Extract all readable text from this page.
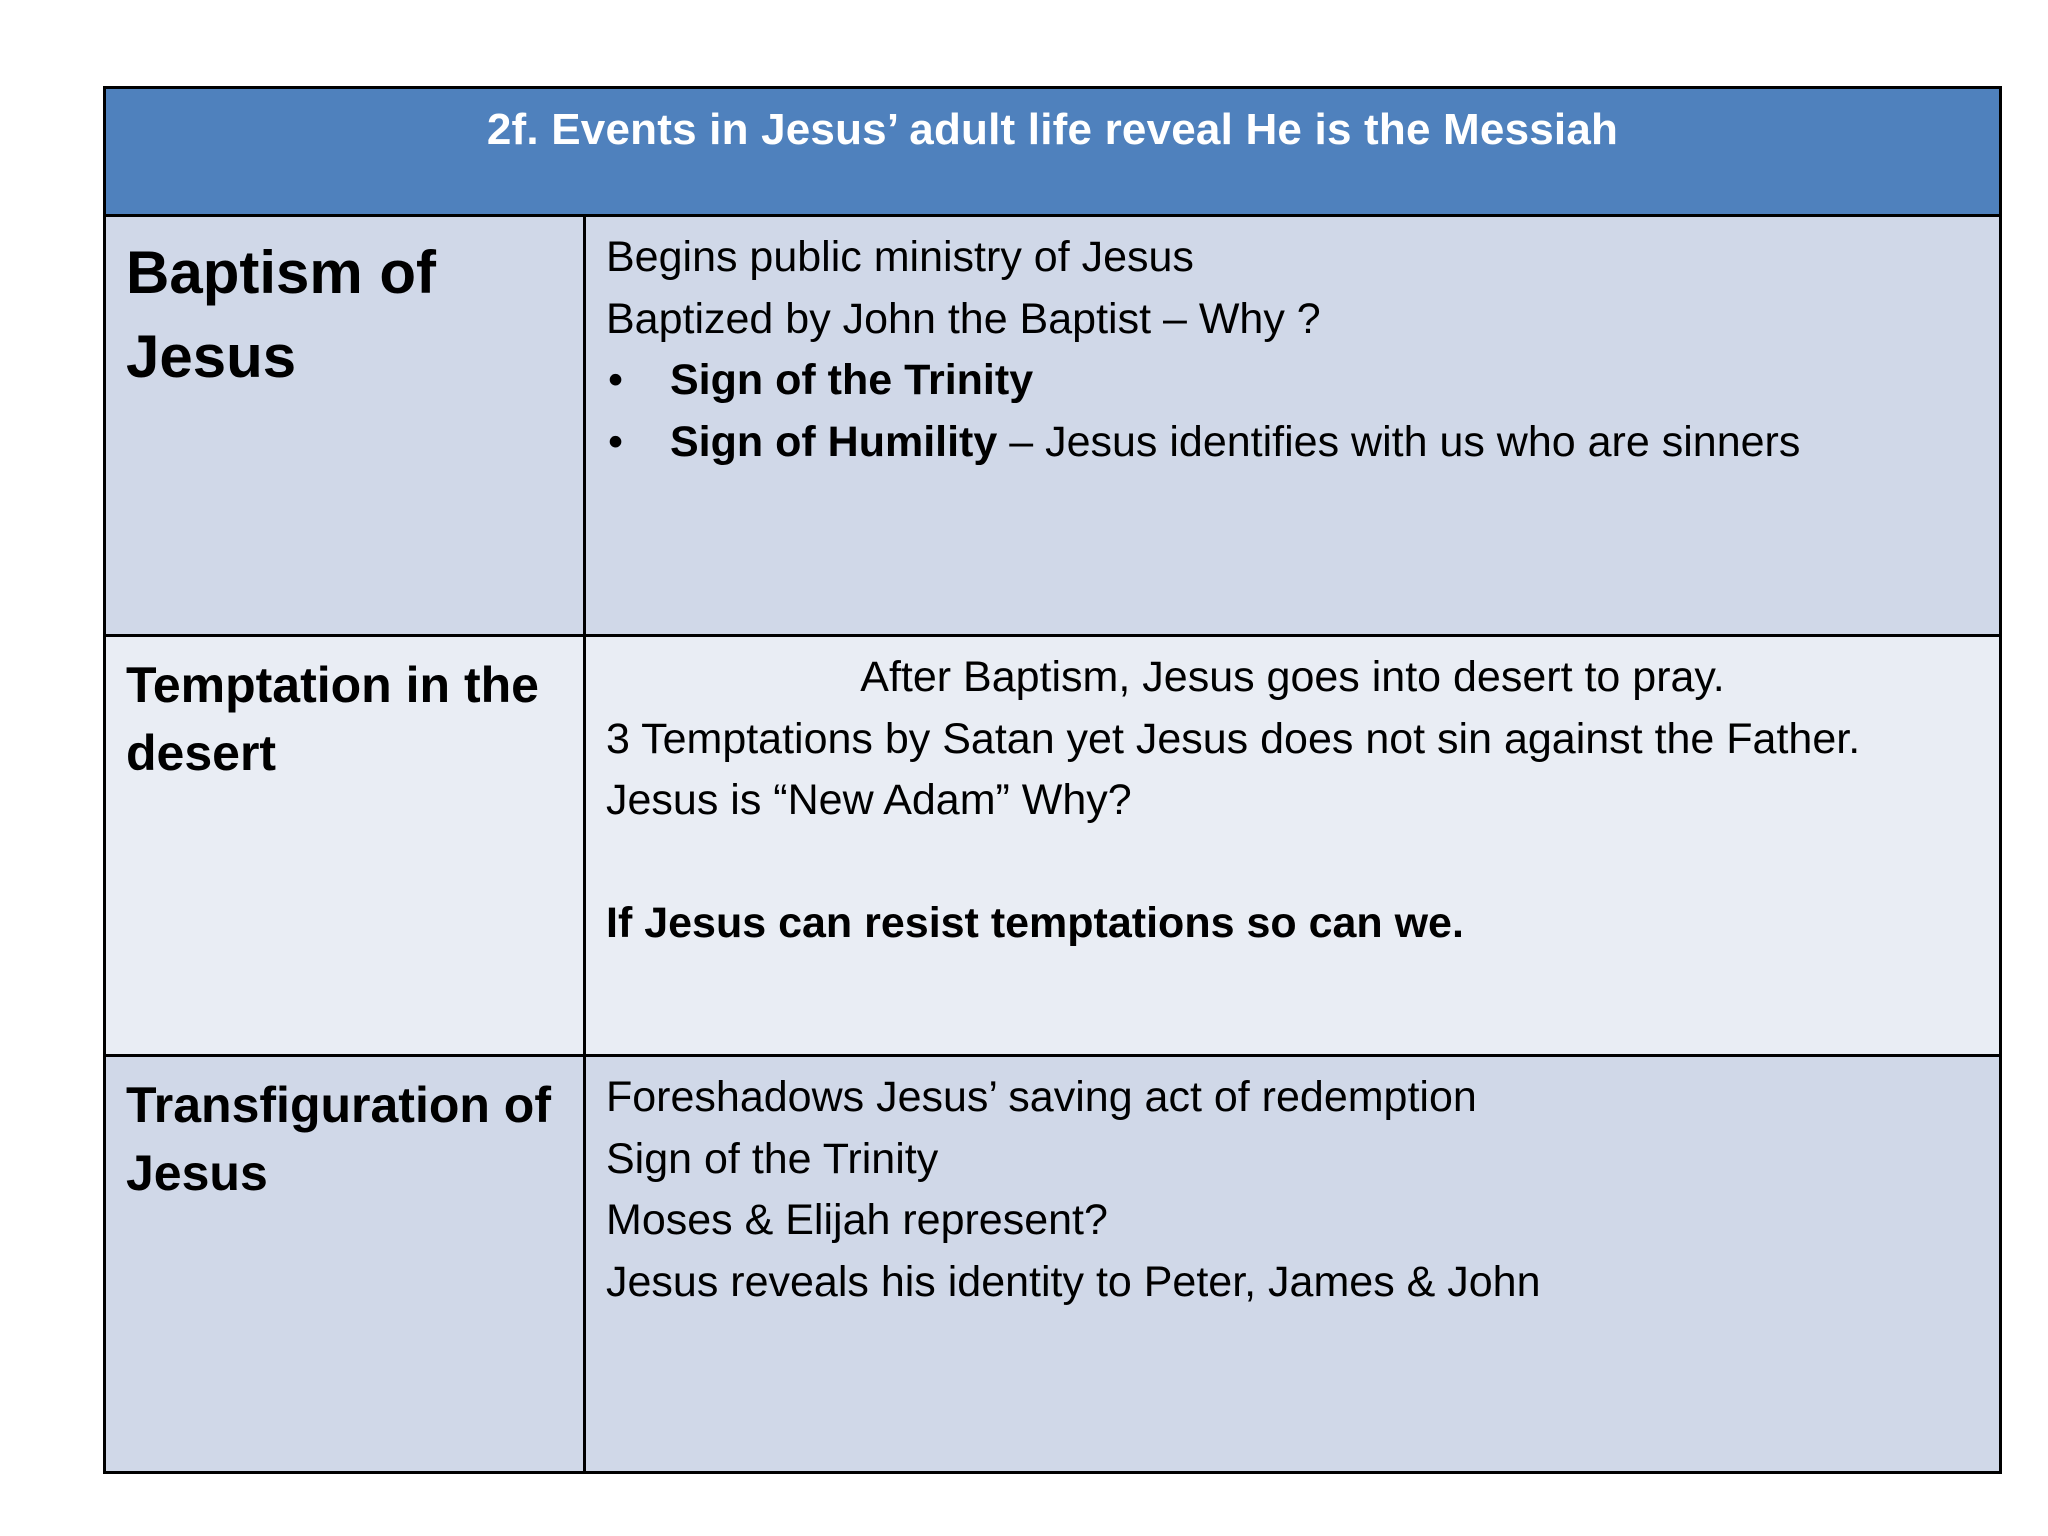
2f. Events in Jesus’ adult life reveal He is the Messiah
Baptism of
Jesus
Begins public ministry of Jesus
Baptized by John the Baptist – Why ?
•	Sign of the Trinity
•	Sign of Humility – Jesus identifies with us who are sinners
Temptation in the
desert
After Baptism, Jesus goes into desert to pray.
3 Temptations by Satan yet Jesus does not sin against the Father.
Jesus is “New Adam” Why?
If Jesus can resist temptations so can we.
Transfiguration of
Jesus
Foreshadows Jesus’ saving act of redemption
Sign of the Trinity
Moses & Elijah represent?
Jesus reveals his identity to Peter, James & John
